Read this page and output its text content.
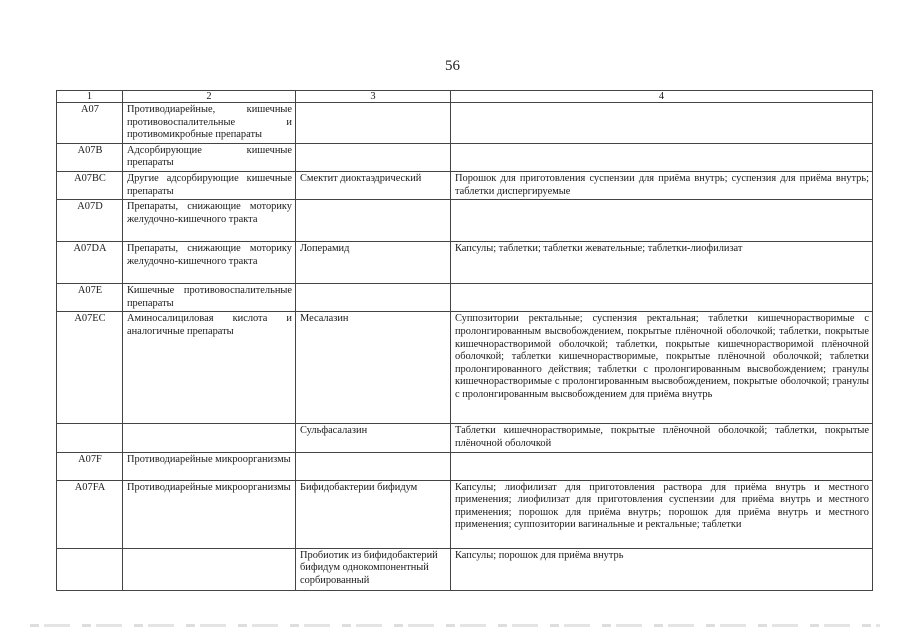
56
1	2	3	4
A07	Противодиарейные, кишечные противовоспалительные и противомикробные препараты		
A07B	Адсорбирующие кишечные препараты		
A07BC	Другие адсорбирующие кишечные препараты	Смектит диоктаэдрический	Порошок для приготовления суспензии для приёма внутрь; суспензия для приёма внутрь; таблетки диспергируемые
A07D	Препараты, снижающие моторику желудочно-кишечного тракта		
A07DA	Препараты, снижающие моторику желудочно-кишечного тракта	Лоперамид	Капсулы; таблетки; таблетки жевательные; таблетки-лиофилизат
A07E	Кишечные противовоспалительные препараты		
A07EC	Аминосалициловая кислота и аналогичные препараты	Месалазин	Суппозитории ректальные; суспензия ректальная; таблетки кишечнорастворимые с пролонгированным высвобождением, покрытые плёночной оболочкой; таблетки, покрытые кишечнорастворимой оболочкой; таблетки, покрытые кишечнорастворимой плёночной оболочкой; таблетки кишечнорастворимые, покрытые плёночной оболочкой; таблетки пролонгированного действия; таблетки с пролонгированным высвобождением; гранулы кишечнорастворимые с пролонгированным высвобождением, покрытые оболочкой; гранулы с пролонгированным высвобождением для приёма внутрь
		Сульфасалазин	Таблетки кишечнорастворимые, покрытые плёночной оболочкой; таблетки, покрытые плёночной оболочкой
A07F	Противодиарейные микроорганизмы		
A07FA	Противодиарейные микроорганизмы	Бифидобактерии бифидум	Капсулы; лиофилизат для приготовления раствора для приёма внутрь и местного применения; лиофилизат для приготовления суспензии для приёма внутрь и местного применения; порошок для приёма внутрь; порошок для приёма внутрь и местного применения; суппозитории вагинальные и ректальные; таблетки
		Пробиотик из бифидобактерий бифидум однокомпонентный сорбированный	Капсулы; порошок для приёма внутрь
